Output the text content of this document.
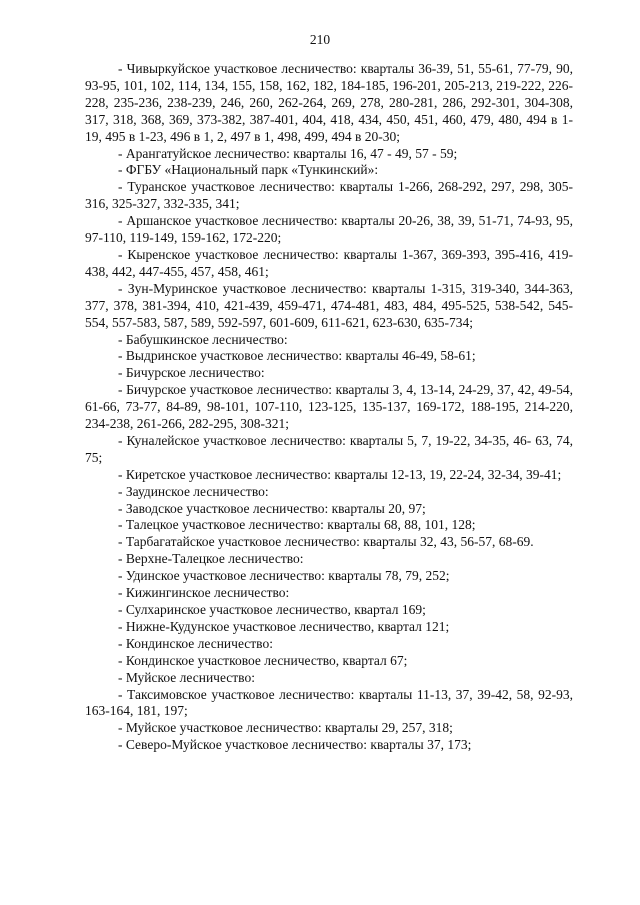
210

- Чивыркуйское участковое лесничество: кварталы 36-39, 51, 55-61, 77-79, 90, 93-95, 101, 102, 114, 134, 155, 158, 162, 182, 184-185, 196-201, 205-213, 219-222, 226-228, 235-236, 238-239, 246, 260, 262-264, 269, 278, 280-281, 286, 292-301, 304-308, 317, 318, 368, 369, 373-382, 387-401, 404, 418, 434, 450, 451, 460, 479, 480, 494 в 1-19, 495 в 1-23, 496 в 1, 2, 497 в 1, 498, 499, 494 в 20-30;

- Арангатуйское лесничество: кварталы 16, 47 - 49, 57 - 59;

- ФГБУ «Национальный парк «Тункинский»:

- Туранское участковое лесничество: кварталы 1-266, 268-292, 297, 298, 305-316, 325-327, 332-335, 341;

- Аршанское участковое лесничество: кварталы 20-26, 38, 39, 51-71, 74-93, 95, 97-110, 119-149, 159-162, 172-220;

- Кыренское участковое лесничество: кварталы 1-367, 369-393, 395-416, 419-438, 442, 447-455, 457, 458, 461;

- Зун-Муринское участковое лесничество: кварталы 1-315, 319-340, 344-363, 377, 378, 381-394, 410, 421-439, 459-471, 474-481, 483, 484, 495-525, 538-542, 545-554, 557-583, 587, 589, 592-597, 601-609, 611-621, 623-630, 635-734;

- Бабушкинское лесничество:

- Выдринское участковое лесничество: кварталы 46-49, 58-61;

- Бичурское лесничество:

- Бичурское участковое лесничество: кварталы 3, 4, 13-14, 24-29, 37, 42, 49-54, 61-66, 73-77, 84-89, 98-101, 107-110, 123-125, 135-137, 169-172, 188-195, 214-220, 234-238, 261-266, 282-295, 308-321;

- Куналейское участковое лесничество: кварталы 5, 7, 19-22, 34-35, 46- 63, 74, 75;

- Киретское участковое лесничество: кварталы 12-13, 19, 22-24, 32-34, 39-41;

- Заудинское лесничество:

- Заводское участковое лесничество: кварталы 20, 97;

- Талецкое участковое лесничество: кварталы 68, 88, 101, 128;

- Тарбагатайское участковое лесничество: кварталы 32, 43, 56-57, 68-69.

- Верхне-Талецкое лесничество:

- Удинское участковое лесничество: кварталы 78, 79, 252;

- Кижингинское лесничество:

- Сулхаринское участковое лесничество, квартал 169;

- Нижне-Кудунское участковое лесничество, квартал 121;

- Кондинское лесничество:

- Кондинское участковое лесничество, квартал 67;

- Муйское лесничество:

- Таксимовское участковое лесничество: кварталы 11-13, 37, 39-42, 58, 92-93, 163-164, 181, 197;

- Муйское участковое лесничество: кварталы 29, 257, 318;

- Северо-Муйское участковое лесничество: кварталы 37, 173;
